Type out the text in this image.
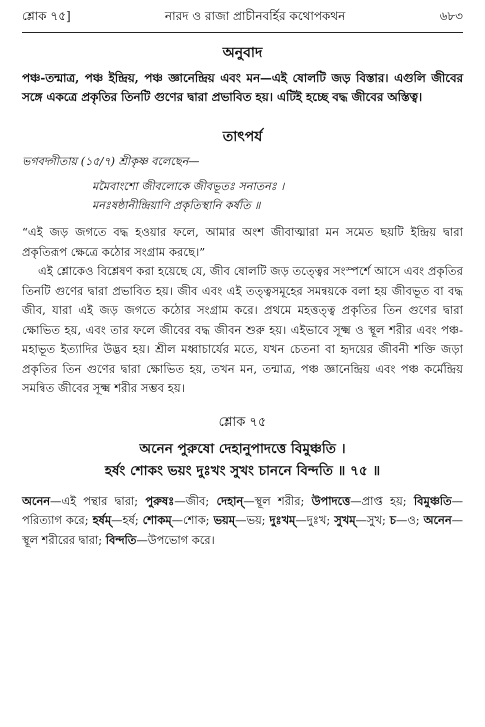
শ্লোক ৭৫]	নারদ ও রাজা প্রাচীনবর্হির কথোপকথন	৬৮৩
অনুবাদ

পঞ্চ-তন্মাত্র, পঞ্চ ইন্দ্রিয়, পঞ্চ জ্ঞানেন্দ্রিয় এবং মন—এই ষোলটি জড় বিস্তার। এগুলি জীবের সঙ্গে একত্রে প্রকৃতির তিনটি গুণের দ্বারা প্রভাবিত হয়। এটিই হচ্ছে বদ্ধ জীবের অস্তিত্ব।

তাৎপর্য

ভগবদ্গীতায় (১৫/৭) শ্রীকৃষ্ণ বলেছেন—

মমৈবাংশো জীবলোকে জীবভূতঃ সনাতনঃ ।
মনঃষষ্ঠানীন্দ্রিয়াণি প্রকৃতিস্থানি কর্ষতি ॥

“এই জড় জগতে বদ্ধ হওয়ার ফলে, আমার অংশ জীবাত্মারা মন সমেত ছয়টি ইন্দ্রিয় দ্বারা প্রকৃতিরূপ ক্ষেত্রে কঠোর সংগ্রাম করছে।”

এই শ্লোকেও বিশ্লেষণ করা হয়েছে যে, জীব ষোলটি জড় তত্ত্বের সংস্পর্শে আসে এবং প্রকৃতির তিনটি গুণের দ্বারা প্রভাবিত হয়। জীব এবং এই তত্ত্বসমূহের সমন্বয়কে বলা হয় জীবভূত বা বদ্ধ জীব, যারা এই জড় জগতে কঠোর সংগ্রাম করে। প্রথমে মহত্তত্ত্ব প্রকৃতির তিন গুণের দ্বারা ক্ষোভিত হয়, এবং তার ফলে জীবের বদ্ধ জীবন শুরু হয়। এইভাবে সূক্ষ্ম ও স্থূল শরীর এবং পঞ্চ-মহাভূত ইত্যাদির উদ্ভব হয়। শ্রীল মধ্বাচার্যের মতে, যখন চেতনা বা হৃদয়ের জীবনী শক্তি জড়া প্রকৃতির তিন গুণের দ্বারা ক্ষোভিত হয়, তখন মন, তন্মাত্র, পঞ্চ জ্ঞানেন্দ্রিয় এবং পঞ্চ কর্মেন্দ্রিয় সমন্বিত জীবের সূক্ষ্ম শরীর সম্ভব হয়।

শ্লোক ৭৫
অনেন পুরুষো দেহানুপাদত্তে বিমুঞ্চতি ।
হর্ষং শোকং ভয়ং দুঃখং সুখং চাননে বিন্দতি ॥ ৭৫ ॥
অনেন—এই পন্থার দ্বারা; পুরুষঃ—জীব; দেহান্—স্থূল শরীর; উপাদত্তে—প্রাপ্ত হয়; বিমুঞ্চতি—পরিত্যাগ করে; হর্ষম্—হর্ষ; শোকম্—শোক; ভয়ম্—ভয়; দুঃখম্—দুঃখ; সুখম্—সুখ; চ—ও; অনেন—স্থূল শরীরের দ্বারা; বিন্দতি—উপভোগ করে।
